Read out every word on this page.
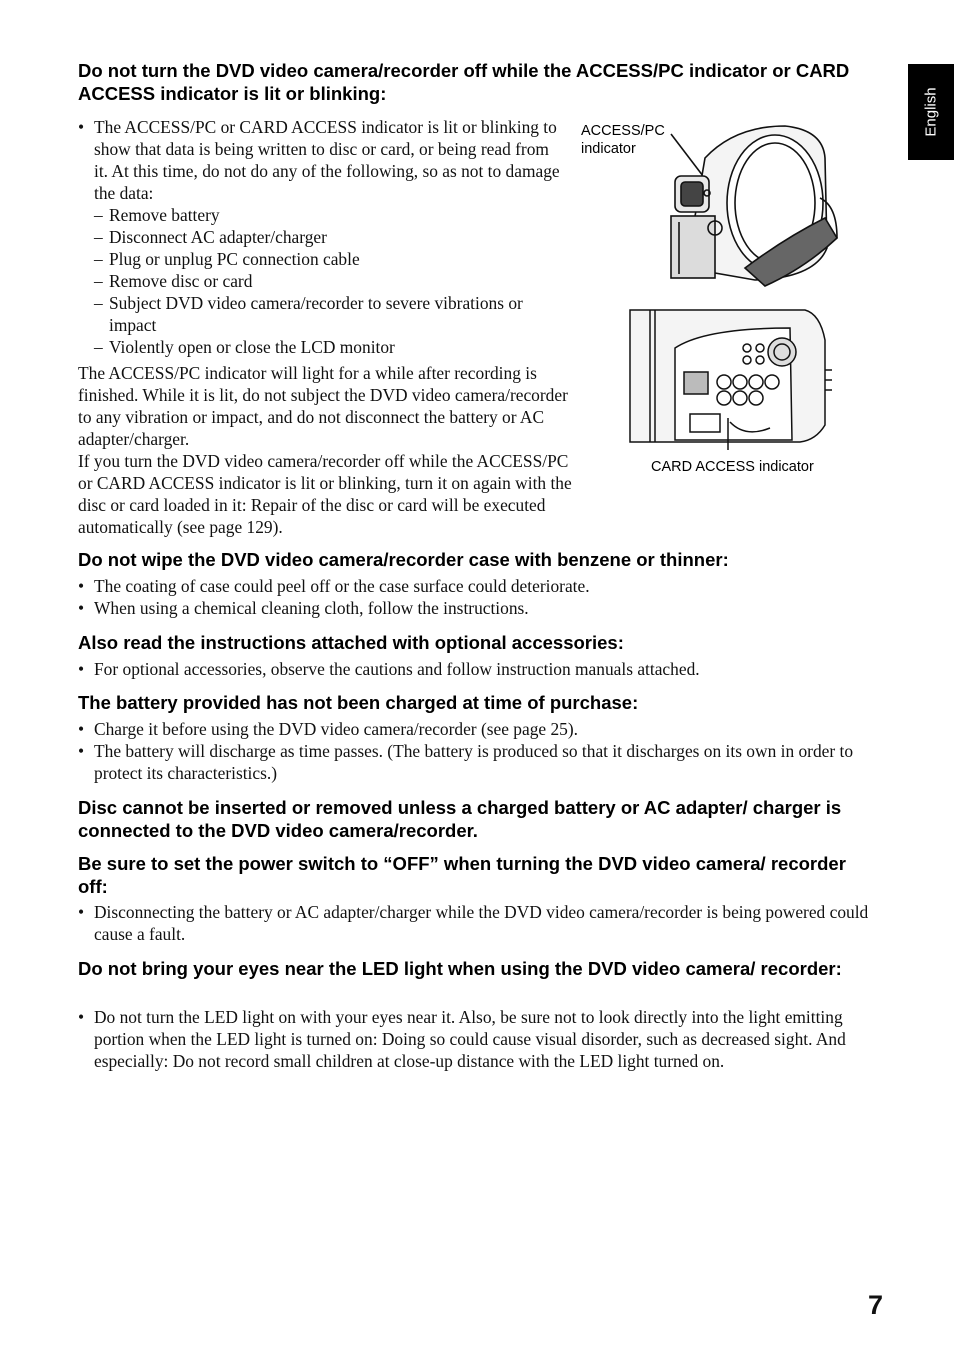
English
Do not turn the DVD video camera/recorder off while the ACCESS/PC indicator or CARD ACCESS indicator is lit or blinking:
• The ACCESS/PC or CARD ACCESS indicator is lit or blinking to show that data is being written to disc or card, or being read from it. At this time, do not do any of the following, so as not to damage the data:
– Remove battery
– Disconnect AC adapter/charger
– Plug or unplug PC connection cable
– Remove disc or card
– Subject DVD video camera/recorder to severe vibrations or impact
– Violently open or close the LCD monitor
The ACCESS/PC indicator will light for a while after recording is finished. While it is lit, do not subject the DVD video camera/recorder to any vibration or impact, and do not disconnect the battery or AC adapter/charger.
If you turn the DVD video camera/recorder off while the ACCESS/PC or CARD ACCESS indicator is lit or blinking, turn it on again with the disc or card loaded in it: Repair of the disc or card will be executed automatically (see page 129).
ACCESS/PC indicator
CARD ACCESS indicator
Do not wipe the DVD video camera/recorder case with benzene or thinner:
• The coating of case could peel off or the case surface could deteriorate.
• When using a chemical cleaning cloth, follow the instructions.
Also read the instructions attached with optional accessories:
• For optional accessories, observe the cautions and follow instruction manuals attached.
The battery provided has not been charged at time of purchase:
• Charge it before using the DVD video camera/recorder (see page 25).
• The battery will discharge as time passes. (The battery is produced so that it discharges on its own in order to protect its characteristics.)
Disc cannot be inserted or removed unless a charged battery or AC adapter/ charger is connected to the DVD video camera/recorder.
Be sure to set the power switch to “OFF” when turning the DVD video camera/ recorder off:
• Disconnecting the battery or AC adapter/charger while the DVD video camera/recorder is being powered could cause a fault.
Do not bring your eyes near the LED light when using the DVD video camera/ recorder:
• Do not turn the LED light on with your eyes near it. Also, be sure not to look directly into the light emitting portion when the LED light is turned on: Doing so could cause visual disorder, such as decreased sight. And especially: Do not record small children at close-up distance with the LED light turned on.
7
